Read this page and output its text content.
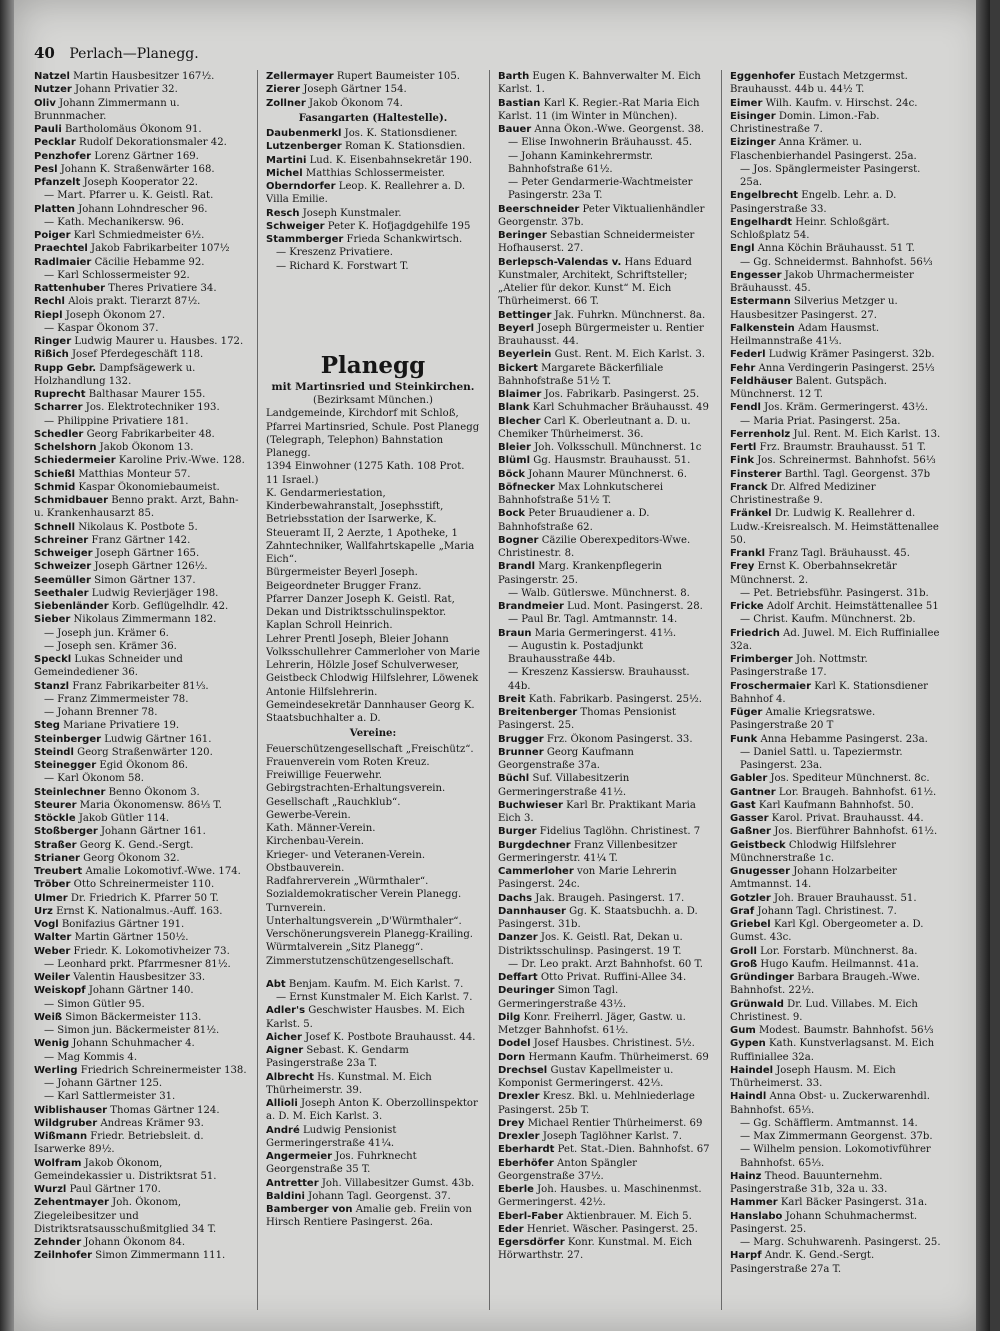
40 Perlach—Planegg.
Natzel Martin Hausbesitzer 167½.
Nutzer Johann Privatier 32.
Oliv Johann Zimmermann u. Brunnmacher.
Pauli Bartholomäus Ökonom 91.
Pecklar Rudolf Dekorationsmaler 42.
Penzhofer Lorenz Gärtner 169.
Pesl Johann K. Straßenwärter 168.
Pfanzelt Joseph Kooperator 22.
— Mart. Pfarrer u. K. Geistl. Rat.
Platten Johann Lohndrescher 96.
— Kath. Mechanikersw. 96.
Poiger Karl Schmiedmeister 6½.
Praechtel Jakob Fabrikarbeiter 107½
Radlmaier Cäcilie Hebamme 92.
— Karl Schlossermeister 92.
Rattenhuber Theres Privatiere 34.
Rechl Alois prakt. Tierarzt 87½.
Riepl Joseph Ökonom 27.
— Kaspar Ökonom 37.
Ringer Ludwig Maurer u. Hausbes. 172.
Rißich Josef Pferdegeschäft 118.
Rupp Gebr. Dampfsägewerk u. Holzhandlung 132.
Ruprecht Balthasar Maurer 155.
Scharrer Jos. Elektrotechniker 193.
— Philippine Privatiere 181.
Schedler Georg Fabrikarbeiter 48.
Schelshorn Jakob Ökonom 13.
Schiedermeier Karoline Priv.-Wwe. 128.
Schießl Matthias Monteur 57.
Schmid Kaspar Ökonomiebaumeist.
Schmidbauer Benno prakt. Arzt, Bahn- u. Krankenhausarzt 85.
Schnell Nikolaus K. Postbote 5.
Schreiner Franz Gärtner 142.
Schweiger Joseph Gärtner 165.
Schweizer Joseph Gärtner 126½.
Seemüller Simon Gärtner 137.
Seethaler Ludwig Revierjäger 198.
Siebenländer Korb. Geflügelhdlr. 42.
Sieber Nikolaus Zimmermann 182.
— Joseph jun. Krämer 6.
— Joseph sen. Krämer 36.
Speckl Lukas Schneider und Gemeindediener 36.
Stanzl Franz Fabrikarbeiter 81⅓.
— Franz Zimmermeister 78.
— Johann Brenner 78.
Steg Mariane Privatiere 19.
Steinberger Ludwig Gärtner 161.
Steindl Georg Straßenwärter 120.
Steinegger Egid Ökonom 86.
— Karl Ökonom 58.
Steinlechner Benno Ökonom 3.
Steurer Maria Ökonomensw. 86⅓ T.
Stöckle Jakob Gütler 114.
Stoßberger Johann Gärtner 161.
Straßer Georg K. Gend.-Sergt.
Strianer Georg Ökonom 32.
Treubert Amalie Lokomotivf.-Wwe. 174.
Tröber Otto Schreinermeister 110.
Ulmer Dr. Friedrich K. Pfarrer 50 T.
Urz Ernst K. Nationalmus.-Auff. 163.
Vogl Bonifazius Gärtner 191.
Walter Martin Gärtner 150½.
Weber Friedr. K. Lokomotivheizer 73.
— Leonhard prkt. Pfarrmesner 81½.
Weiler Valentin Hausbesitzer 33.
Weiskopf Johann Gärtner 140.
— Simon Gütler 95.
Weiß Simon Bäckermeister 113.
— Simon jun. Bäckermeister 81½.
Wenig Johann Schuhmacher 4.
— Mag Kommis 4.
Werling Friedrich Schreinermeister 138.
— Johann Gärtner 125.
— Karl Sattlermeister 31.
Wiblishauser Thomas Gärtner 124.
Wildgruber Andreas Krämer 93.
Wißmann Friedr. Betriebsleit. d. Isarwerke 89½.
Wolfram Jakob Ökonom, Gemeindekassier u. Distriktsrat 51.
Wurzl Paul Gärtner 170.
Zehentmayer Joh. Ökonom, Ziegeleibesitzer und Distriktsratsausschußmitglied 34 T.
Zehnder Johann Ökonom 84.
Zeilnhofer Simon Zimmermann 111.
Zellermayer Rupert Baumeister 105.
Zierer Joseph Gärtner 154.
Zollner Jakob Ökonom 74.
Fasangarten (Haltestelle).
Daubenmerkl Jos. K. Stationsdiener.
Lutzenberger Roman K. Stationsdien.
Martini Lud. K. Eisenbahnsekretär 190.
Michel Matthias Schlossermeister.
Oberndorfer Leop. K. Reallehrer a. D. Villa Emilie.
Resch Joseph Kunstmaler.
Schweiger Peter K. Hofjagdgehilfe 195
Stammberger Frieda Schankwirtsch.
— Kreszenz Privatiere.
— Richard K. Forstwart T.
Planegg
mit Martinsried und Steinkirchen.
(Bezirksamt München.)
Landgemeinde, Kirchdorf mit Schloß, Pfarrei Martinsried, Schule. Post Planegg (Telegraph, Telephon) Bahnstation Planegg.
1394 Einwohner (1275 Kath. 108 Prot. 11 Israel.)
K. Gendarmeriestation, Kinderbewahranstalt, Josephsstift, Betriebsstation der Isarwerke, K. Steueramt II, 2 Aerzte, 1 Apotheke, 1 Zahntechniker, Wallfahrtskapelle „Maria Eich“.
Bürgermeister Beyerl Joseph.
Beigeordneter Brugger Franz.
Pfarrer Danzer Joseph K. Geistl. Rat, Dekan und Distriktsschulinspektor.
Kaplan Schroll Heinrich.
Lehrer Prentl Joseph, Bleier Johann Volksschullehrer Cammerloher von Marie Lehrerin, Hölzle Josef Schulverweser, Geistbeck Chlodwig Hilfslehrer, Löwenek Antonie Hilfslehrerin.
Gemeindesekretär Dannhauser Georg K. Staatsbuchhalter a. D.
Vereine:
Feuerschützengesellschaft „Freischütz“.
Frauenverein vom Roten Kreuz.
Freiwillige Feuerwehr.
Gebirgstrachten-Erhaltungsverein.
Gesellschaft „Rauchklub“.
Gewerbe-Verein.
Kath. Männer-Verein.
Kirchenbau-Verein.
Krieger- und Veteranen-Verein.
Obstbauverein.
Radfahrerverein „Würmthaler“.
Sozialdemokratischer Verein Planegg.
Turnverein.
Unterhaltungsverein „D'Würmthaler“.
Verschönerungsverein Planegg-Krailing.
Würmtalverein „Sitz Planegg“.
Zimmerstutzenschützengesellschaft.
Abt Benjam. Kaufm. M. Eich Karlst. 7.
— Ernst Kunstmaler M. Eich Karlst. 7.
Adler's Geschwister Hausbes. M. Eich Karlst. 5.
Aicher Josef K. Postbote Brauhausst. 44.
Aigner Sebast. K. Gendarm Pasingerstraße 23a T.
Albrecht Hs. Kunstmal. M. Eich Thürheimerstr. 39.
Allioli Joseph Anton K. Oberzollinspektor a. D. M. Eich Karlst. 3.
André Ludwig Pensionist Germeringerstraße 41¼.
Angermeier Jos. Fuhrknecht Georgenstraße 35 T.
Antretter Joh. Villabesitzer Gumst. 43b.
Baldini Johann Tagl. Georgenst. 37.
Bamberger von Amalie geb. Freiin von Hirsch Rentiere Pasingerst. 26a.
Barth Eugen K. Bahnverwalter M. Eich Karlst. 1.
Bastian Karl K. Regier.-Rat Maria Eich Karlst. 11 (im Winter in München).
Bauer Anna Ökon.-Wwe. Georgenst. 38.
— Elise Inwohnerin Bräuhausst. 45.
— Johann Kaminkehrermstr. Bahnhofstraße 61½.
— Peter Gendarmerie-Wachtmeister Pasingerstr. 23a T.
Beerschneider Peter Viktualienhändler Georgenstr. 37b.
Beringer Sebastian Schneidermeister Hofhauserst. 27.
Berlepsch-Valendas v. Hans Eduard Kunstmaler, Architekt, Schriftsteller; „Atelier für dekor. Kunst“ M. Eich Thürheimerst. 66 T.
Bettinger Jak. Fuhrkn. Münchnerst. 8a.
Beyerl Joseph Bürgermeister u. Rentier Brauhausst. 44.
Beyerlein Gust. Rent. M. Eich Karlst. 3.
Bickert Margarete Bäckerfiliale Bahnhofstraße 51½ T.
Blaimer Jos. Fabrikarb. Pasingerst. 25.
Blank Karl Schuhmacher Bräuhausst. 49
Blecher Carl K. Oberleutnant a. D. u. Chemiker Thürheimerst. 36.
Bleier Joh. Volksschull. Münchnerst. 1c
Blüml Gg. Hausmstr. Brauhausst. 51.
Böck Johann Maurer Münchnerst. 6.
Böfnecker Max Lohnkutscherei Bahnhofstraße 51½ T.
Bock Peter Bruaudiener a. D. Bahnhofstraße 62.
Bogner Cäzilie Oberexpeditors-Wwe. Christinestr. 8.
Brandl Marg. Krankenpflegerin Pasingerstr. 25.
— Walb. Gütlerswe. Münchnerst. 8.
Brandmeier Lud. Mont. Pasingerst. 28.
— Paul Br. Tagl. Amtmannstr. 14.
Braun Maria Germeringerst. 41⅓.
— Augustin k. Postadjunkt Brauhausstraße 44b.
— Kreszenz Kassiersw. Brauhausst. 44b.
Breit Kath. Fabrikarb. Pasingerst. 25½.
Breitenberger Thomas Pensionist Pasingerst. 25.
Brugger Frz. Ökonom Pasingerst. 33.
Brunner Georg Kaufmann Georgenstraße 37a.
Büchl Suf. Villabesitzerin Germeringerstraße 41½.
Buchwieser Karl Br. Praktikant Maria Eich 3.
Burger Fidelius Taglöhn. Christinest. 7
Burgdechner Franz Villenbesitzer Germeringerstr. 41¼ T.
Cammerloher von Marie Lehrerin Pasingerst. 24c.
Dachs Jak. Braugeh. Pasingerst. 17.
Dannhauser Gg. K. Staatsbuchh. a. D. Pasingerst. 31b.
Danzer Jos. K. Geistl. Rat, Dekan u. Distriktsschulinsp. Pasingerst. 19 T.
— Dr. Leo prakt. Arzt Bahnhofst. 60 T.
Deffart Otto Privat. Ruffini-Allee 34.
Deuringer Simon Tagl. Germeringerstraße 43½.
Dilg Konr. Freiherrl. Jäger, Gastw. u. Metzger Bahnhofst. 61½.
Dodel Josef Hausbes. Christinest. 5½.
Dorn Hermann Kaufm. Thürheimerst. 69
Drechsel Gustav Kapellmeister u. Komponist Germeringerst. 42⅓.
Drexler Kresz. Bkl. u. Mehlniederlage Pasingerst. 25b T.
Drey Michael Rentier Thürheimerst. 69
Drexler Joseph Taglöhner Karlst. 7.
Eberhardt Pet. Stat.-Dien. Bahnhofst. 67
Eberhöfer Anton Spängler Georgenstraße 37½.
Eberle Joh. Hausbes. u. Maschinenmst. Germeringerst. 42½.
Eberl-Faber Aktienbrauer. M. Eich 5.
Eder Henriet. Wäscher. Pasingerst. 25.
Egersdörfer Konr. Kunstmal. M. Eich Hörwarthstr. 27.
Eggenhofer Eustach Metzgermst. Brauhausst. 44b u. 44½ T.
Eimer Wilh. Kaufm. v. Hirschst. 24c.
Eisinger Domin. Limon.-Fab. Christinestraße 7.
Eizinger Anna Krämer. u. Flaschenbierhandel Pasingerst. 25a.
— Jos. Spänglermeister Pasingerst. 25a.
Engelbrecht Engelb. Lehr. a. D. Pasingerstraße 33.
Engelhardt Heinr. Schloßgärt. Schloßplatz 54.
Engl Anna Köchin Bräuhausst. 51 T.
— Gg. Schneidermst. Bahnhofst. 56⅓
Engesser Jakob Uhrmachermeister Bräuhausst. 45.
Estermann Silverius Metzger u. Hausbesitzer Pasingerst. 27.
Falkenstein Adam Hausmst. Heilmannstraße 41⅓.
Federl Ludwig Krämer Pasingerst. 32b.
Fehr Anna Verdingerin Pasingerst. 25⅓
Feldhäuser Balent. Gutspäch. Münchnerst. 12 T.
Fendl Jos. Kräm. Germeringerst. 43½.
— Maria Priat. Pasingerst. 25a.
Ferrenholz Jul. Rent. M. Eich Karlst. 13.
Fertl Frz. Braumstr. Brauhausst. 51 T.
Fink Jos. Schreinermst. Bahnhofst. 56⅓
Finsterer Barthl. Tagl. Georgenst. 37b
Franck Dr. Alfred Mediziner Christinestraße 9.
Fränkel Dr. Ludwig K. Reallehrer d. Ludw.-Kreisrealsch. M. Heimstättenallee 50.
Frankl Franz Tagl. Bräuhausst. 45.
Frey Ernst K. Oberbahnsekretär Münchnerst. 2.
— Pet. Betriebsführ. Pasingerst. 31b.
Fricke Adolf Archit. Heimstättenallee 51
— Christ. Kaufm. Münchnerst. 2b.
Friedrich Ad. Juwel. M. Eich Ruffiniallee 32a.
Frimberger Joh. Nottmstr. Pasingerstraße 17.
Froschermaier Karl K. Stationsdiener Bahnhof 4.
Füger Amalie Kriegsratswe. Pasingerstraße 20 T
Funk Anna Hebamme Pasingerst. 23a.
— Daniel Sattl. u. Tapeziermstr. Pasingerst. 23a.
Gabler Jos. Spediteur Münchnerst. 8c.
Gantner Lor. Braugeh. Bahnhofst. 61½.
Gast Karl Kaufmann Bahnhofst. 50.
Gasser Karol. Privat. Brauhausst. 44.
Gaßner Jos. Bierführer Bahnhofst. 61½.
Geistbeck Chlodwig Hilfslehrer Münchnerstraße 1c.
Gnugesser Johann Holzarbeiter Amtmannst. 14.
Gotzler Joh. Brauer Brauhausst. 51.
Graf Johann Tagl. Christinest. 7.
Griebel Karl Kgl. Obergeometer a. D. Gumst. 43c.
Groll Lor. Forstarb. Münchnerst. 8a.
Groß Hugo Kaufm. Heilmannst. 41a.
Gründinger Barbara Braugeh.-Wwe. Bahnhofst. 22½.
Grünwald Dr. Lud. Villabes. M. Eich Christinest. 9.
Gum Modest. Baumstr. Bahnhofst. 56⅓
Gypen Kath. Kunstverlagsanst. M. Eich Ruffiniallee 32a.
Haindel Joseph Hausm. M. Eich Thürheimerst. 33.
Haindl Anna Obst- u. Zuckerwarenhdl. Bahnhofst. 65⅓.
— Gg. Schäfflerm. Amtmannst. 14.
— Max Zimmermann Georgenst. 37b.
— Wilhelm pension. Lokomotivführer Bahnhofst. 65⅓.
Hainz Theod. Bauunternehm. Pasingerstraße 31b, 32a u. 33.
Hammer Karl Bäcker Pasingerst. 31a.
Hanslabo Johann Schuhmachermst. Pasingerst. 25.
— Marg. Schuhwarenh. Pasingerst. 25.
Harpf Andr. K. Gend.-Sergt. Pasingerstraße 27a T.
